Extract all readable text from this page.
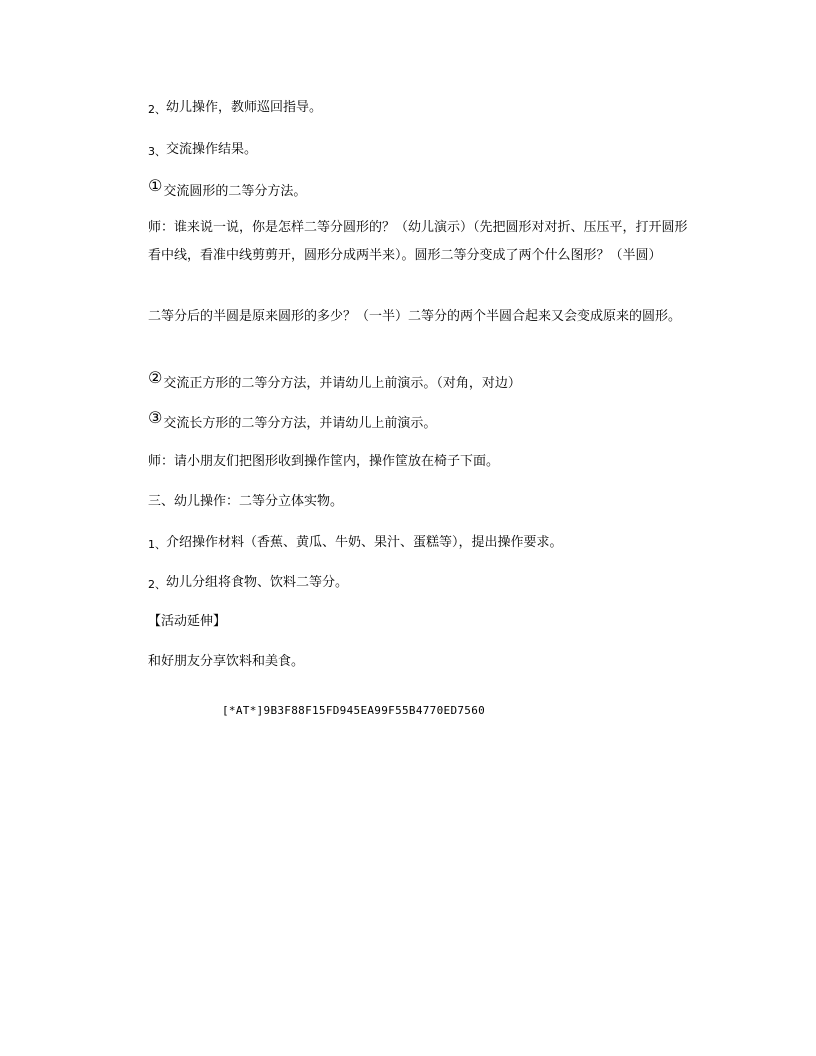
2、幼儿操作，教师巡回指导。

3、交流操作结果。

①交流圆形的二等分方法。

师：谁来说一说，你是怎样二等分圆形的？（幼儿演示）（先把圆形对对折、压压平，打开圆形看中线，看准中线剪剪开，圆形分成两半来）。圆形二等分变成了两个什么图形？（半圆）

二等分后的半圆是原来圆形的多少？（一半）二等分的两个半圆合起来又会变成原来的圆形。

②交流正方形的二等分方法，并请幼儿上前演示。（对角，对边）

③交流长方形的二等分方法，并请幼儿上前演示。

师：请小朋友们把图形收到操作筐内，操作筐放在椅子下面。

三、幼儿操作：二等分立体实物。

1、介绍操作材料（香蕉、黄瓜、牛奶、果汁、蛋糕等），提出操作要求。

2、幼儿分组将食物、饮料二等分。

【活动延伸】

和好朋友分享饮料和美食。

[*AT*]9B3F88F15FD945EA99F55B4770ED7560
